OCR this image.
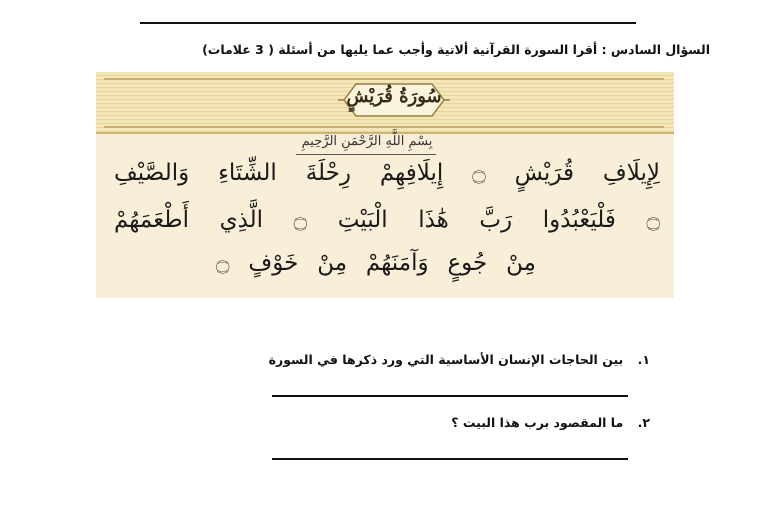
السؤال السادس : أقرا السورة القرآنية ألاتية وأجب عما يليها من أسئلة ( 3 علامات)
سُورَةُ قُرَيْشٍ
بِسْمِ اللَّهِ الرَّحْمَنِ الرَّحِيمِ
لِإِيلَافِ قُرَيْشٍ ۝ إِيلَافِهِمْ رِحْلَةَ الشِّتَاءِ وَالصَّيْفِ
۝ فَلْيَعْبُدُوا رَبَّ هَٰذَا الْبَيْتِ ۝ الَّذِي أَطْعَمَهُمْ
مِنْ جُوعٍ وَآمَنَهُمْ مِنْ خَوْفٍ ۝
١. بين الحاجات الإنسان الأساسية التي ورد ذكرها في السورة
٢. ما المقصود برب هذا البيت ؟
